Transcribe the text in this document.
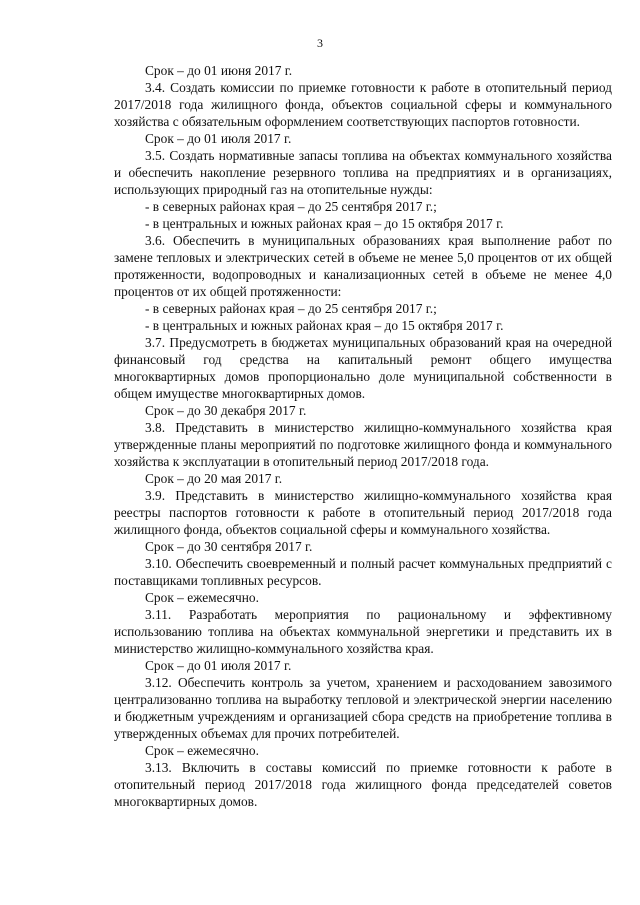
3

Срок – до 01 июня 2017 г.

3.4. Создать комиссии по приемке готовности к работе в отопительный период 2017/2018 года жилищного фонда, объектов социальной сферы и коммунального хозяйства с обязательным оформлением соответствующих паспортов готовности.

Срок – до 01 июля 2017 г.

3.5. Создать нормативные запасы топлива на объектах коммунального хозяйства и обеспечить накопление резервного топлива на предприятиях и в организациях, использующих природный газ на отопительные нужды:

- в северных районах края – до 25 сентября 2017 г.;

- в центральных и южных районах края – до 15 октября 2017 г.

3.6. Обеспечить в муниципальных образованиях края выполнение работ по замене тепловых и электрических сетей в объеме не менее 5,0 процентов от их общей протяженности, водопроводных и канализационных сетей в объеме не менее 4,0 процентов от их общей протяженности:

- в северных районах края – до 25 сентября 2017 г.;

- в центральных и южных районах края – до 15 октября 2017 г.

3.7. Предусмотреть в бюджетах муниципальных образований края на очередной финансовый год средства на капитальный ремонт общего имущества многоквартирных домов пропорционально доле муниципальной собственности в общем имуществе многоквартирных домов.

Срок – до 30 декабря 2017 г.

3.8. Представить в министерство жилищно-коммунального хозяйства края утвержденные планы мероприятий по подготовке жилищного фонда и коммунального хозяйства к эксплуатации в отопительный период 2017/2018 года.

Срок – до 20 мая 2017 г.

3.9. Представить в министерство жилищно-коммунального хозяйства края реестры паспортов готовности к работе в отопительный период 2017/2018 года жилищного фонда, объектов социальной сферы и коммунального хозяйства.

Срок – до 30 сентября 2017 г.

3.10. Обеспечить своевременный и полный расчет коммунальных предприятий с поставщиками топливных ресурсов.

Срок – ежемесячно.

3.11. Разработать мероприятия по рациональному и эффективному использованию топлива на объектах коммунальной энергетики и представить их в министерство жилищно-коммунального хозяйства края.

Срок – до 01 июля 2017 г.

3.12. Обеспечить контроль за учетом, хранением и расходованием завозимого централизованно топлива на выработку тепловой и электрической энергии населению и бюджетным учреждениям и организацией сбора средств на приобретение топлива в утвержденных объемах для прочих потребителей.

Срок – ежемесячно.

3.13. Включить в составы комиссий по приемке готовности к работе в отопительный период 2017/2018 года жилищного фонда председателей советов многоквартирных домов.
